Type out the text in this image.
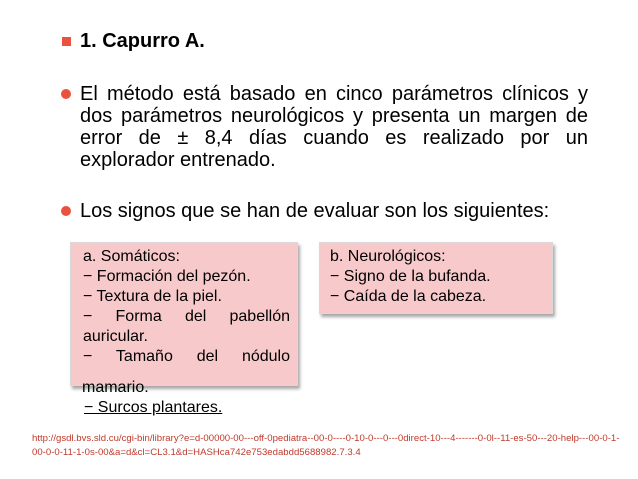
1. Capurro A.
El método está basado en cinco parámetros clínicos y dos parámetros neurológicos y presenta un margen de error de ± 8,4 días cuando es realizado por un explorador entrenado.
Los signos que se han de evaluar son los siguientes:
a. Somáticos:
− Formación del pezón.
− Textura de la piel.
− Forma del pabellón
auricular.
− Tamaño del nódulo
mamario.
− Surcos plantares.
b. Neurológicos:
− Signo de la bufanda.
− Caída de la cabeza.
http://gsdl.bvs.sld.cu/cgi-bin/library?e=d-00000-00---off-0pediatra--00-0----0-10-0---0---0direct-10---4-------0-0l--11-es-50---20-help---00-0-1-00-0-0-11-1-0s-00&a=d&cl=CL3.1&d=HASHca742e753edabdd5688982.7.3.4
